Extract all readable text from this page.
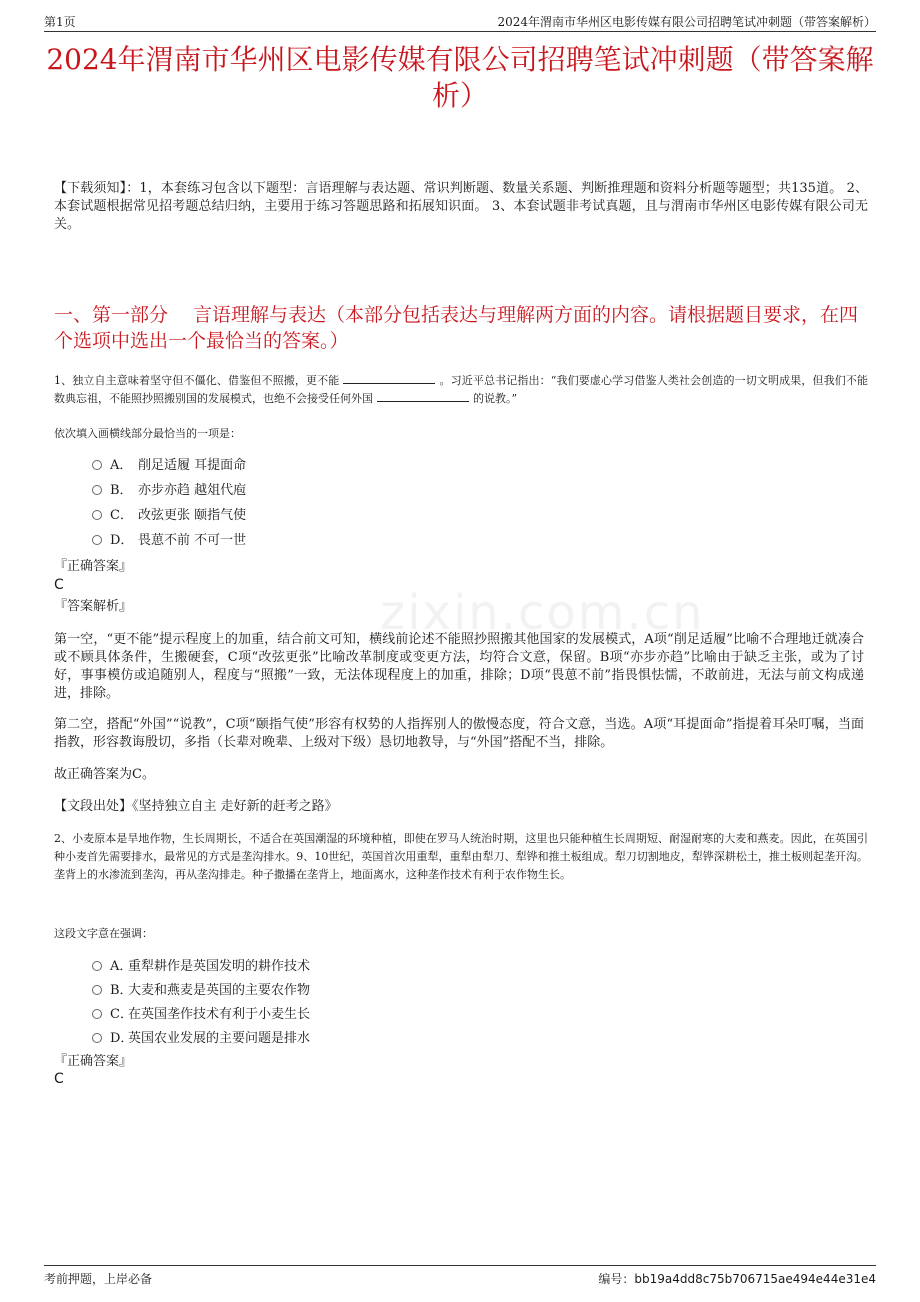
第1页	2024年渭南市华州区电影传媒有限公司招聘笔试冲刺题（带答案解析）
2024年渭南市华州区电影传媒有限公司招聘笔试冲刺题（带答案解析）
【下载须知】：1，本套练习包含以下题型：言语理解与表达题、常识判断题、数量关系题、判断推理题和资料分析题等题型；共135道。 2、本套试题根据常见招考题总结归纳，主要用于练习答题思路和拓展知识面。 3、本套试题非考试真题，且与渭南市华州区电影传媒有限公司无关。
一、第一部分　 言语理解与表达（本部分包括表达与理解两方面的内容。请根据题目要求，在四个选项中选出一个最恰当的答案。）
1、独立自主意味着坚守但不僵化、借鉴但不照搬，更不能	。习近平总书记指出：“我们要虚心学习借鉴人类社会创造的一切文明成果，但我们不能数典忘祖，不能照抄照搬别国的发展模式，也绝不会接受任何外国	的说教。”
依次填入画横线部分最恰当的一项是：
A． 削足适履 耳提面命
B． 亦步亦趋 越俎代庖
C． 改弦更张 颐指气使
D． 畏葸不前 不可一世
『正确答案』
C
『答案解析』	zixin.com.cn
第一空，“更不能”提示程度上的加重，结合前文可知，横线前论述不能照抄照搬其他国家的发展模式，A项“削足适履”比喻不合理地迁就凑合或不顾具体条件，生搬硬套，C项“改弦更张”比喻改革制度或变更方法，均符合文意，保留。B项“亦步亦趋”比喻由于缺乏主张，或为了讨好，事事模仿或追随别人，程度与“照搬”一致，无法体现程度上的加重，排除；D项“畏葸不前”指畏惧怯懦，不敢前进，无法与前文构成递进，排除。
第二空，搭配“外国”“说教”，C项“颐指气使”形容有权势的人指挥别人的傲慢态度，符合文意，当选。A项“耳提面命”指提着耳朵叮嘱，当面指教，形容教诲殷切，多指（长辈对晚辈、上级对下级）恳切地教导，与“外国”搭配不当，排除。
故正确答案为C。
【文段出处】《坚持独立自主 走好新的赶考之路》
2、小麦原本是旱地作物，生长周期长，不适合在英国潮湿的环境种植，即使在罗马人统治时期，这里也只能种植生长周期短、耐湿耐寒的大麦和燕麦。因此，在英国引种小麦首先需要排水，最常见的方式是垄沟排水。9、10世纪，英国首次用重犁，重犁由犁刀、犁铧和推土板组成。犁刀切割地皮，犁铧深耕松土，推土板则起垄开沟。垄背上的水渗流到垄沟，再从垄沟排走。种子撒播在垄背上，地面离水，这种垄作技术有利于农作物生长。
这段文字意在强调：
A．重犁耕作是英国发明的耕作技术
B．大麦和燕麦是英国的主要农作物
C．在英国垄作技术有利于小麦生长
D．英国农业发展的主要问题是排水
『正确答案』
C
考前押题，上岸必备	编号：bb19a4dd8c75b706715ae494e44e31e4
